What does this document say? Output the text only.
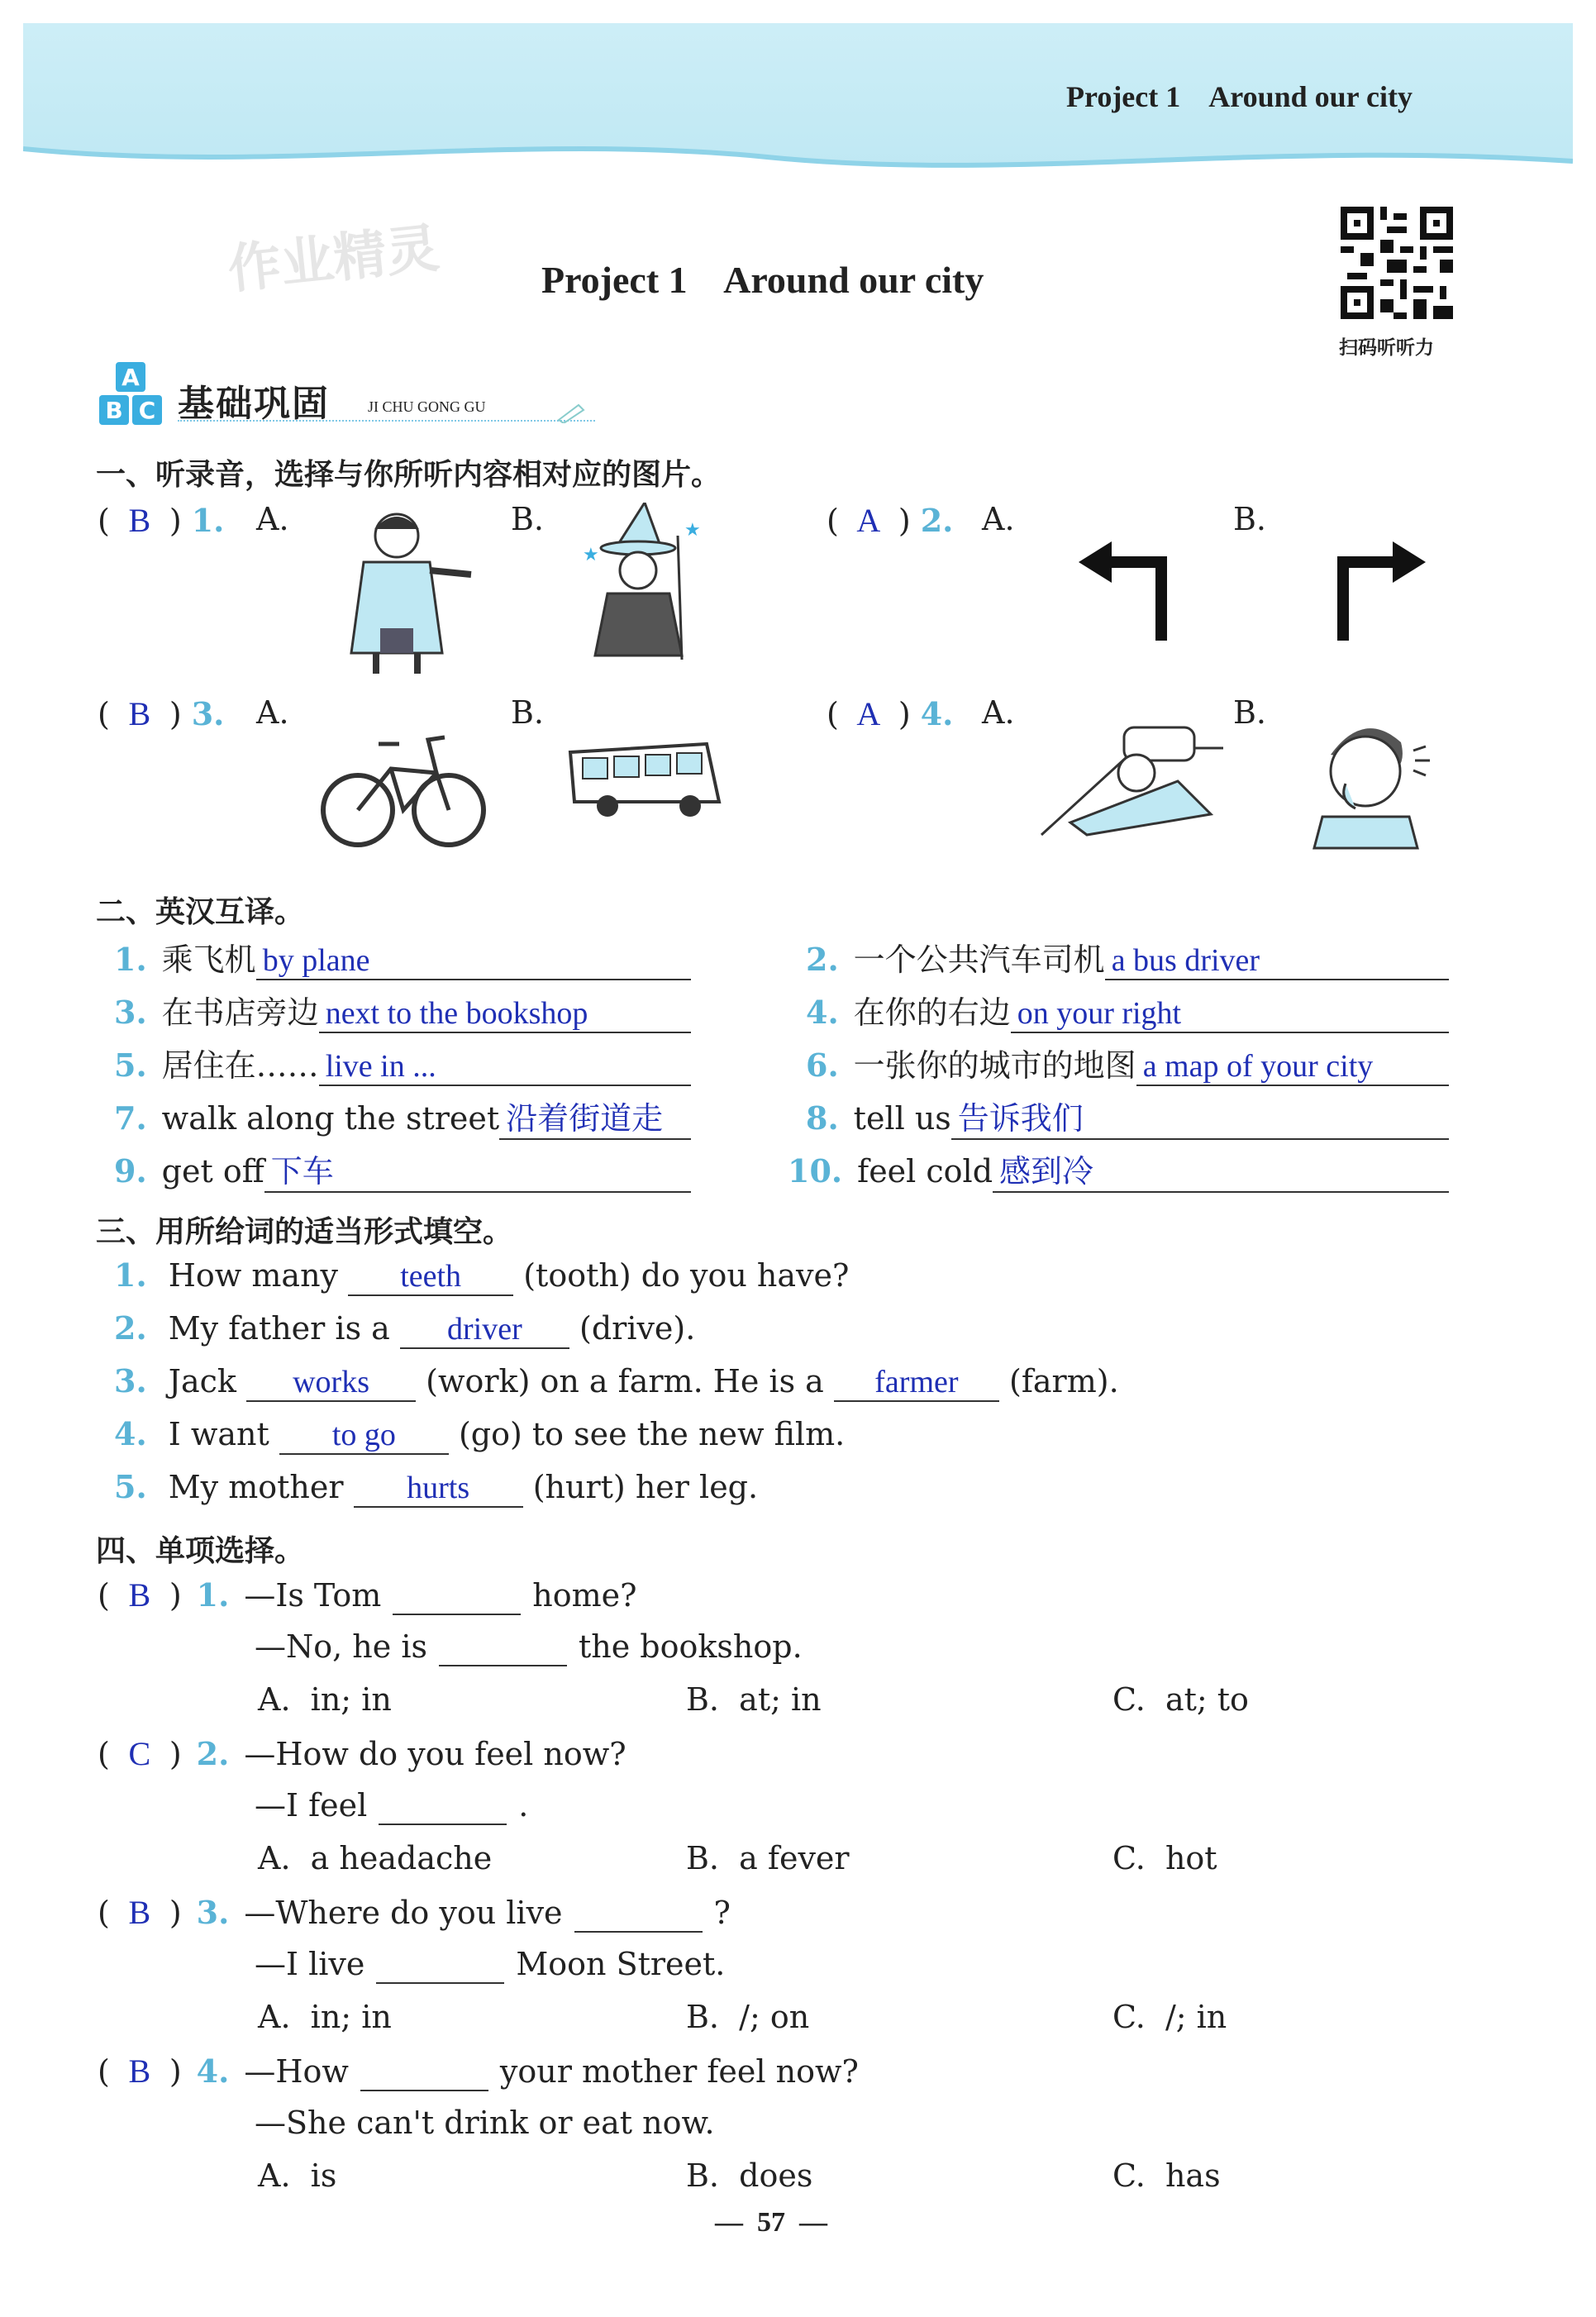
Project 1    Around our city
作业精灵	Project 1    Around our city
扫码听听力
A
B C 基础巩固	JI CHU GONG GU
一、听录音，选择与你所听内容相对应的图片。
( B ) 1. A.	B.
★
★	( A ) 2. A.	B.
( B ) 3. A.	B.	( A ) 4. A.	B.
二、英汉互译。
1. 乘飞机 by plane	2. 一个公共汽车司机 a bus driver
3. 在书店旁边 next to the bookshop	4. 在你的右边 on your right
5. 居住在…… live in ...	6. 一张你的城市的地图 a map of your city
7. walk along the street 沿着街道走	8. tell us 告诉我们
9. get off 下车	10. feel cold 感到冷
三、用所给词的适当形式填空。
1. How many teeth (tooth) do you have?
2. My father is a driver (drive).
3. Jack works (work) on a farm. He is a farmer (farm).
4. I want to go (go) to see the new film.
5. My mother hurts (hurt) her leg.
四、单项选择。
( B ) 1. —Is Tom	home?
—No, he is	the bookshop.
A.  in; in	B.  at; in	C.  at; to
( C ) 2. —How do you feel now?
—I feel	.
A.  a headache	B.  a fever	C.  hot
( B ) 3. —Where do you live	?
—I live	Moon Street.
A.  in; in	B.  /; on	C.  /; in
( B ) 4. —How	your mother feel now?
—She can't drink or eat now.
A.  is	B.  does	C.  has
—  57  —
